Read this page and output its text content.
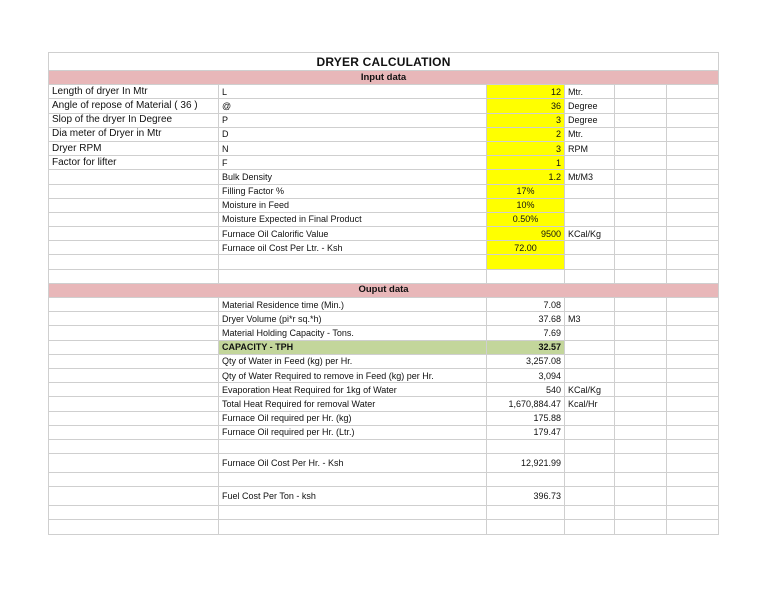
DRYER CALCULATION					
Input data					
Length of dryer In Mtr	L	12	Mtr.		
Angle of repose of Material ( 36 )	@	36	Degree		
Slop of the dryer In Degree	P	3	Degree		
Dia meter of Dryer in Mtr	D	2	Mtr.		
Dryer RPM	N	3	RPM		
Factor for lifter	F	1			
	Bulk Density	1.2	Mt/M3		
	Filling Factor %	17%			
	Moisture in Feed	10%			
	Moisture Expected in Final Product	0.50%			
	Furnace Oil Calorific Value	9500	KCal/Kg		
	Furnace oil Cost Per Ltr. - Ksh	72.00			

Ouput data					
	Material Residence time (Min.)	7.08			
	Dryer Volume (pi*r sq.*h)	37.68	M3		
	Material Holding Capacity - Tons.	7.69			
	CAPACITY - TPH	32.57			
	Qty of Water in Feed (kg) per Hr.	3,257.08			
	Qty of Water Required to remove in Feed (kg) per Hr.	3,094			
	Evaporation Heat Required for 1kg of Water	540	KCal/Kg		
	Total Heat Required for removal Water	1,670,884.47	Kcal/Hr		
	Furnace Oil required per Hr. (kg)	175.88			
	Furnace Oil required per Hr. (Ltr.)	179.47			

	Furnace Oil Cost Per Hr. - Ksh	12,921.99			

	Fuel Cost Per Ton - ksh	396.73			
